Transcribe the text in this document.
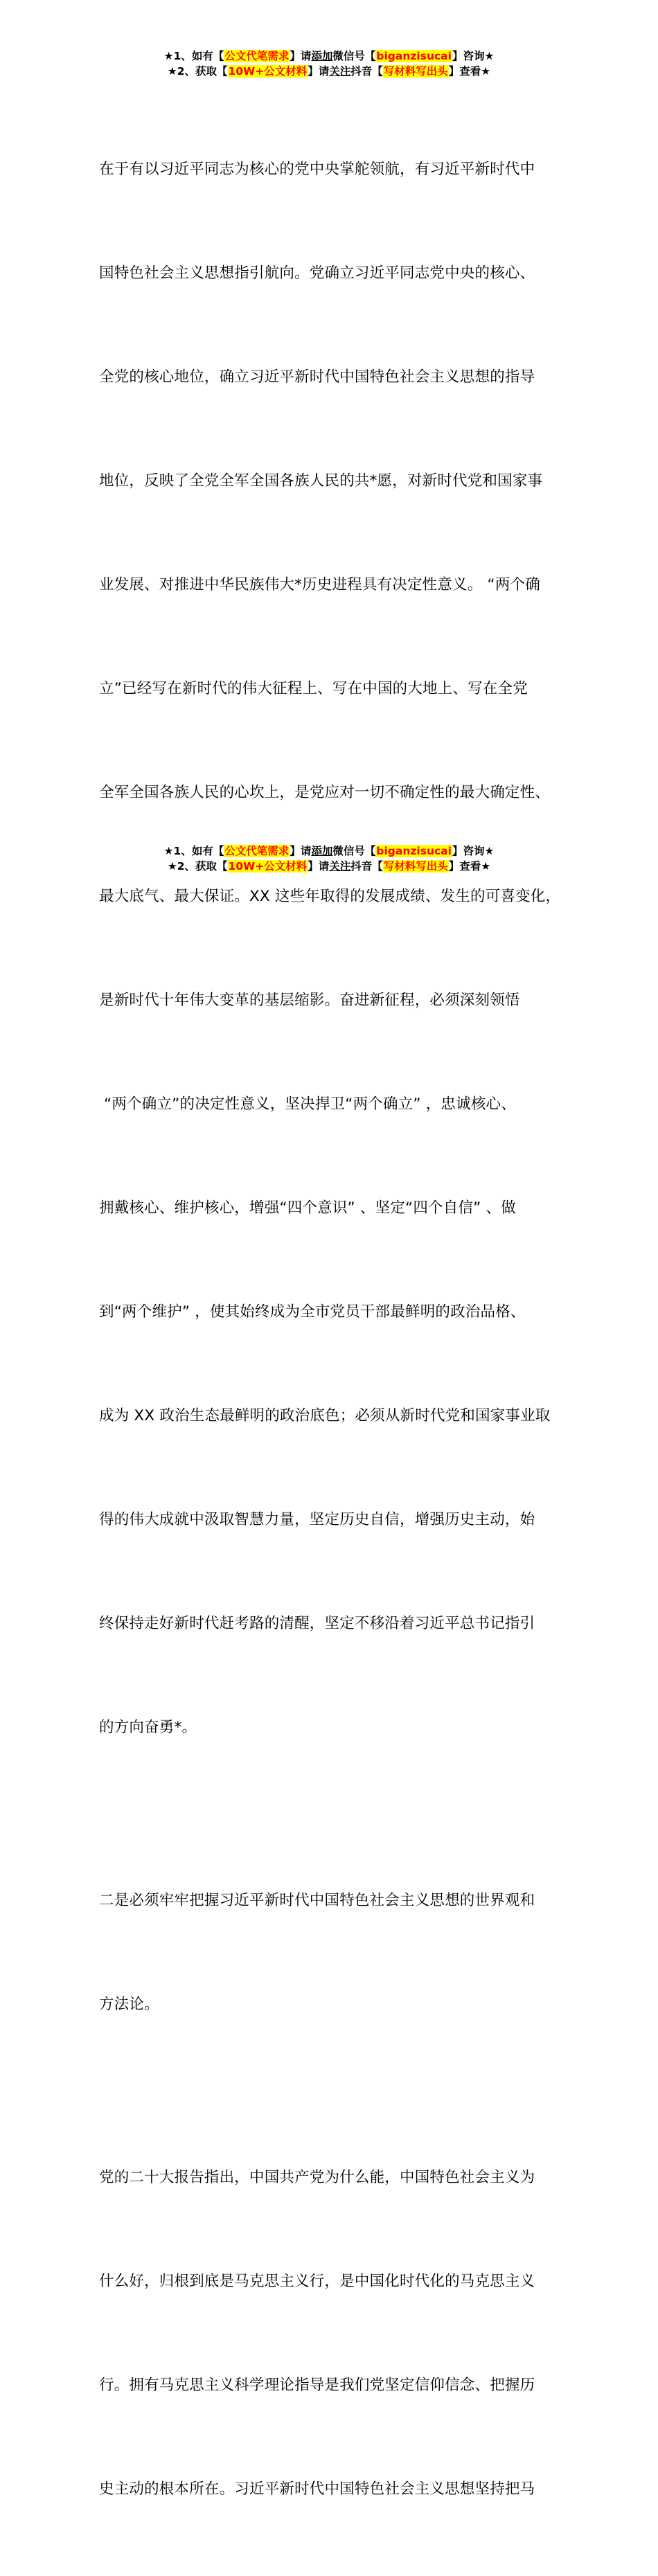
★1、如有【公文代笔需求】请添加微信号【biganzisucai】咨询★
★2、获取【10W+公文材料】请关注抖音【写材料写出头】查看★

在于有以习近平同志为核心的党中央掌舵领航，有习近平新时代中

国特色社会主义思想指引航向。党确立习近平同志党中央的核心、

全党的核心地位，确立习近平新时代中国特色社会主义思想的指导

地位，反映了全党全军全国各族人民的共*愿，对新时代党和国家事

业发展、对推进中华民族伟大*历史进程具有决定性意义。 “两个确

立”已经写在新时代的伟大征程上、写在中国的大地上、写在全党

全军全国各族人民的心坎上，是党应对一切不确定性的最大确定性、

最大底气、最大保证。XX 这些年取得的发展成绩、发生的可喜变化，

是新时代十年伟大变革的基层缩影。奋进新征程，必须深刻领悟

“两个确立”的决定性意义，坚决捍卫“两个确立” ，忠诚核心、

拥戴核心、维护核心，增强“四个意识” 、坚定“四个自信” 、做

到“两个维护” ，使其始终成为全市党员干部最鲜明的政治品格、

成为 XX 政治生态最鲜明的政治底色；必须从新时代党和国家事业取

得的伟大成就中汲取智慧力量，坚定历史自信，增强历史主动，始

终保持走好新时代赶考路的清醒，坚定不移沿着习近平总书记指引

的方向奋勇*。

二是必须牢牢把握习近平新时代中国特色社会主义思想的世界观和

方法论。

党的二十大报告指出，中国共产党为什么能，中国特色社会主义为

什么好，归根到底是马克思主义行，是中国化时代化的马克思主义

行。拥有马克思主义科学理论指导是我们党坚定信仰信念、把握历

史主动的根本所在。习近平新时代中国特色社会主义思想坚持把马

★1、如有【公文代笔需求】请添加微信号【biganzisucai】咨询★
★2、获取【10W+公文材料】请关注抖音【写材料写出头】查看★
